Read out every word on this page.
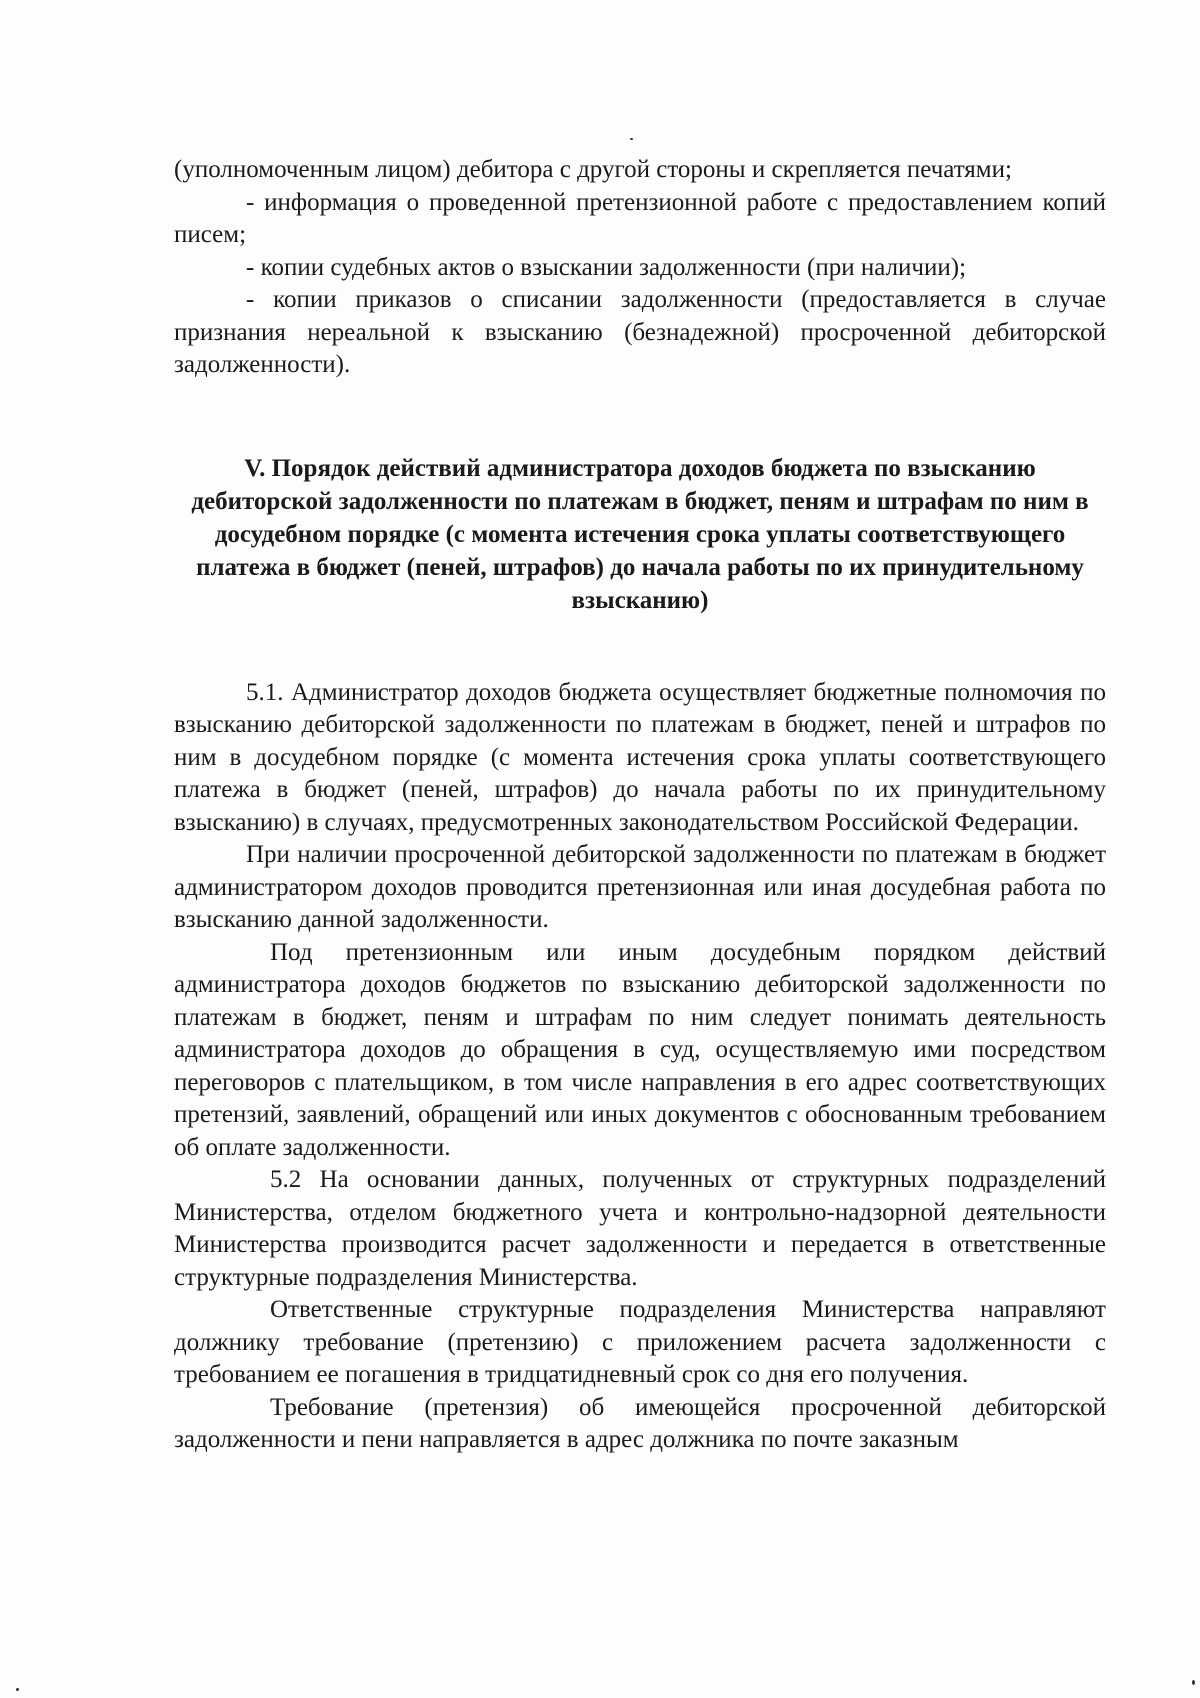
(уполномоченным лицом) дебитора с другой стороны и скрепляется печатями;

- информация о проведенной претензионной работе с предоставлением копий писем;

- копии судебных актов о взыскании задолженности (при наличии);

- копии приказов о списании задолженности (предоставляется в случае признания нереальной к взысканию (безнадежной) просроченной дебиторской задолженности).

V. Порядок действий администратора доходов бюджета по взысканию дебиторской задолженности по платежам в бюджет, пеням и штрафам по ним в досудебном порядке (с момента истечения срока уплаты соответствующего платежа в бюджет (пеней, штрафов) до начала работы по их принудительному взысканию)

5.1. Администратор доходов бюджета осуществляет бюджетные полномочия по взысканию дебиторской задолженности по платежам в бюджет, пеней и штрафов по ним в досудебном порядке (с момента истечения срока уплаты соответствующего платежа в бюджет (пеней, штрафов) до начала работы по их принудительному взысканию) в случаях, предусмотренных законодательством Российской Федерации.

При наличии просроченной дебиторской задолженности по платежам в бюджет администратором доходов проводится претензионная или иная досудебная работа по взысканию данной задолженности.

Под претензионным или иным досудебным порядком действий администратора доходов бюджетов по взысканию дебиторской задолженности по платежам в бюджет, пеням и штрафам по ним следует понимать деятельность администратора доходов до обращения в суд, осуществляемую ими посредством переговоров с плательщиком, в том числе направления в его адрес соответствующих претензий, заявлений, обращений или иных документов с обоснованным требованием об оплате задолженности.

5.2 На основании данных, полученных от структурных подразделений Министерства, отделом бюджетного учета и контрольно-надзорной деятельности Министерства производится расчет задолженности и передается в ответственные структурные подразделения Министерства.

Ответственные структурные подразделения Министерства направляют должнику требование (претензию) с приложением расчета задолженности с требованием ее погашения в тридцатидневный срок со дня его получения.

Требование (претензия) об имеющейся просроченной дебиторской задолженности и пени направляется в адрес должника по почте заказным
